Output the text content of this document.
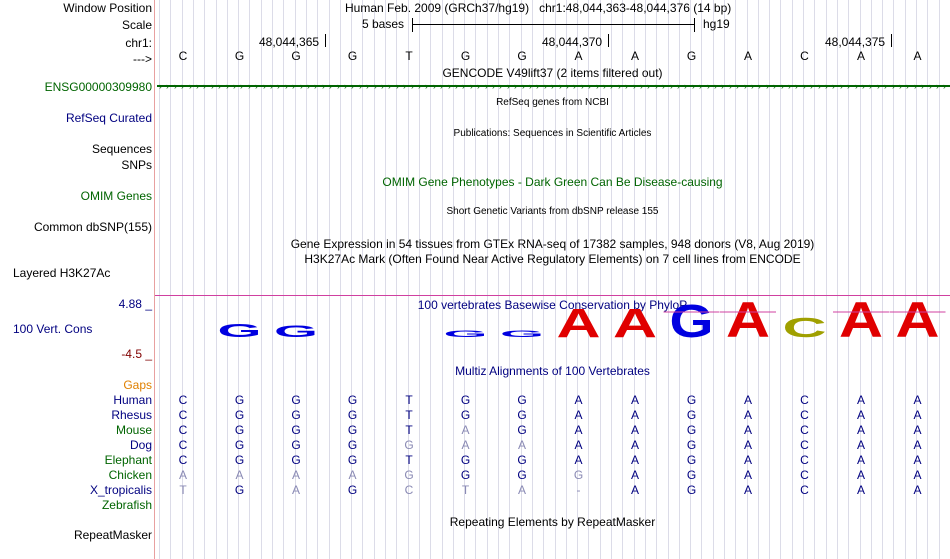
Window Position
Scale
chr1:
--->
ENSG00000309980
RefSeq Curated
Sequences
SNPs
OMIM Genes
Common dbSNP(155)
Layered H3K27Ac
4.88 _
100 Vert. Cons
-4.5 _
Gaps
Human
Rhesus
Mouse
Dog
Elephant
Chicken
X_tropicalis
Zebrafish
RepeatMasker
Human Feb. 2009 (GRCh37/hg19) chr1:48,044,363-48,044,376 (14 bp)
5 bases	hg19
48,044,365	48,044,370	48,044,375
C	G	G	G	T	G	G	A	A	G	A	C	A	A
GENCODE V49lift37 (2 items filtered out)
› › › › › › › › › › › › › › › › › › › › › › › › › › › › › › › › › › › › › › › › › › › › › › › › › › › › › › › › › › › › › › › › › › › › › › › › › › › › › › › › › › › › › › › › › › › › › › › › › › › › › › › › › › ›
RefSeq genes from NCBI
Publications: Sequences in Scientific Articles
OMIM Gene Phenotypes - Dark Green Can Be Disease-causing
Short Genetic Variants from dbSNP release 155
Gene Expression in 54 tissues from GTEx RNA-seq of 17382 samples, 948 donors (V8, Aug 2019)
H3K27Ac Mark (Often Found Near Active Regulatory Elements) on 7 cell lines from ENCODE
100 vertebrates Basewise Conservation by PhyloP
G G	G G A A G A C A A
Multiz Alignments of 100 Vertebrates
C	G	G	G	T	G	G	A	A	G	A	C	A	A
C	G	G	G	T	G	G	A	A	G	A	C	A	A
C	G	G	G	T	A	G	A	A	G	A	C	A	A
C	G	G	G	G	A	A	A	A	G	A	C	A	A
C	G	G	G	T	G	G	A	A	G	A	C	A	A
A	A	A	A	G	G	G	G	A	G	A	C	A	A
T	G	A	G	C	T	A	-	A	G	A	C	A	A
Repeating Elements by RepeatMasker
